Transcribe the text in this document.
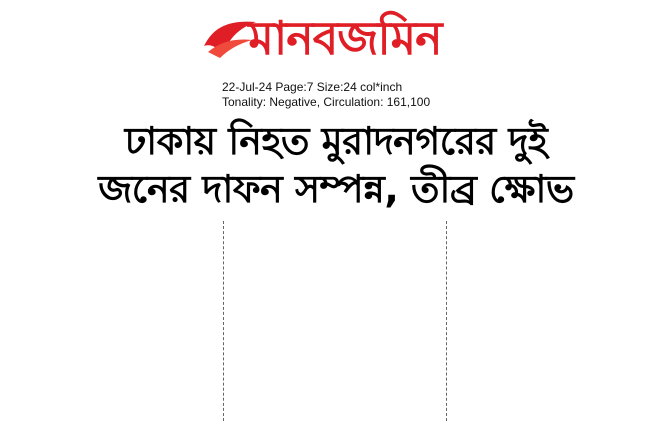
মানবজমিন
22-Jul-24 Page:7 Size:24 col*inch
Tonality: Negative, Circulation: 161,100
ঢাকায় নিহত মুরাদনগরের দুই
জনের দাফন সম্পন্ন, তীব্র ক্ষোভ
